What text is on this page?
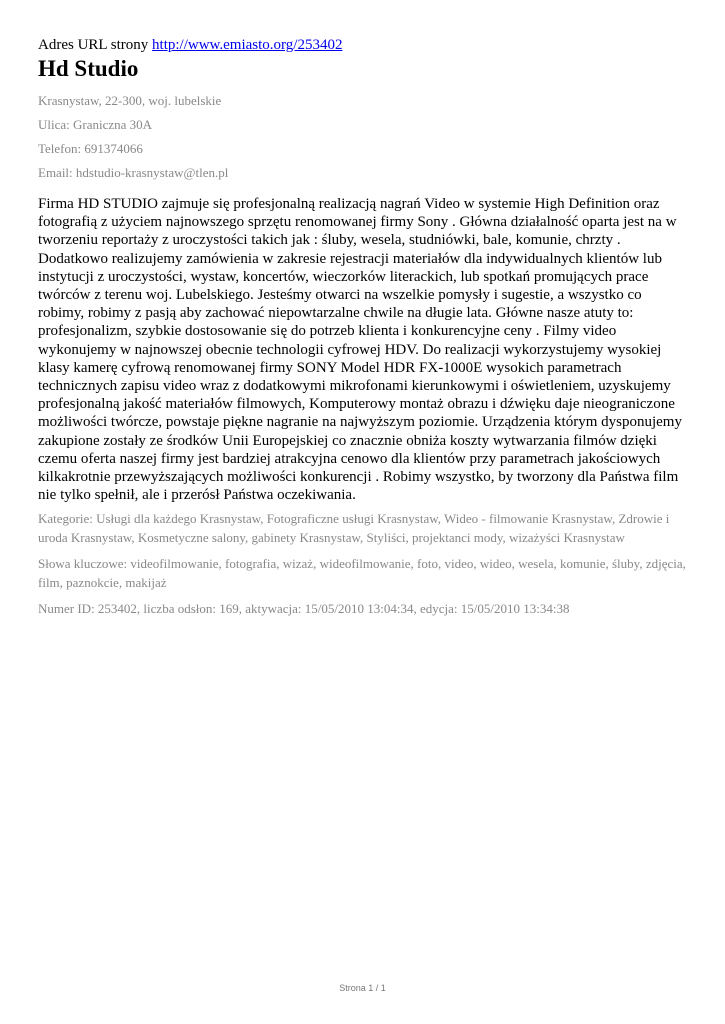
Adres URL strony http://www.emiasto.org/253402

Hd Studio

Krasnystaw, 22-300, woj. lubelskie

Ulica: Graniczna 30A

Telefon: 691374066

Email: hdstudio-krasnystaw@tlen.pl

Firma HD STUDIO zajmuje się profesjonalną realizacją nagrań Video w systemie High Definition oraz fotografią z użyciem najnowszego sprzętu renomowanej firmy Sony . Główna działalność oparta jest na w tworzeniu reportaży z uroczystości takich jak : śluby, wesela, studniówki, bale, komunie, chrzty . Dodatkowo realizujemy zamówienia w zakresie rejestracji materiałów dla indywidualnych klientów lub instytucji z uroczystości, wystaw, koncertów, wieczorków literackich, lub spotkań promujących prace twórców z terenu woj. Lubelskiego. Jesteśmy otwarci na wszelkie pomysły i sugestie, a wszystko co robimy, robimy z pasją aby zachować niepowtarzalne chwile na długie lata. Główne nasze atuty to: profesjonalizm, szybkie dostosowanie się do potrzeb klienta i konkurencyjne ceny . Filmy video wykonujemy w najnowszej obecnie technologii cyfrowej HDV. Do realizacji wykorzystujemy wysokiej klasy kamerę cyfrową renomowanej firmy SONY Model HDR FX-1000E wysokich parametrach technicznych zapisu video wraz z dodatkowymi mikrofonami kierunkowymi i oświetleniem, uzyskujemy profesjonalną jakość materiałów filmowych, Komputerowy montaż obrazu i dźwięku daje nieograniczone możliwości twórcze, powstaje piękne nagranie na najwyższym poziomie. Urządzenia którym dysponujemy zakupione zostały ze środków Unii Europejskiej co znacznie obniża koszty wytwarzania filmów dzięki czemu oferta naszej firmy jest bardziej atrakcyjna cenowo dla klientów przy parametrach jakościowych kilkakrotnie przewyższających możliwości konkurencji . Robimy wszystko, by tworzony dla Państwa film nie tylko spełnił, ale i przerósł Państwa oczekiwania.

Kategorie: Usługi dla każdego Krasnystaw, Fotograficzne usługi Krasnystaw, Wideo - filmowanie Krasnystaw, Zdrowie i uroda Krasnystaw, Kosmetyczne salony, gabinety Krasnystaw, Styliści, projektanci mody, wizażyści Krasnystaw

Słowa kluczowe: videofilmowanie, fotografia, wizaż, wideofilmowanie, foto, video, wideo, wesela, komunie, śluby, zdjęcia, film, paznokcie, makijaż

Numer ID: 253402, liczba odsłon: 169, aktywacja: 15/05/2010 13:04:34, edycja: 15/05/2010 13:34:38

Strona 1 / 1
